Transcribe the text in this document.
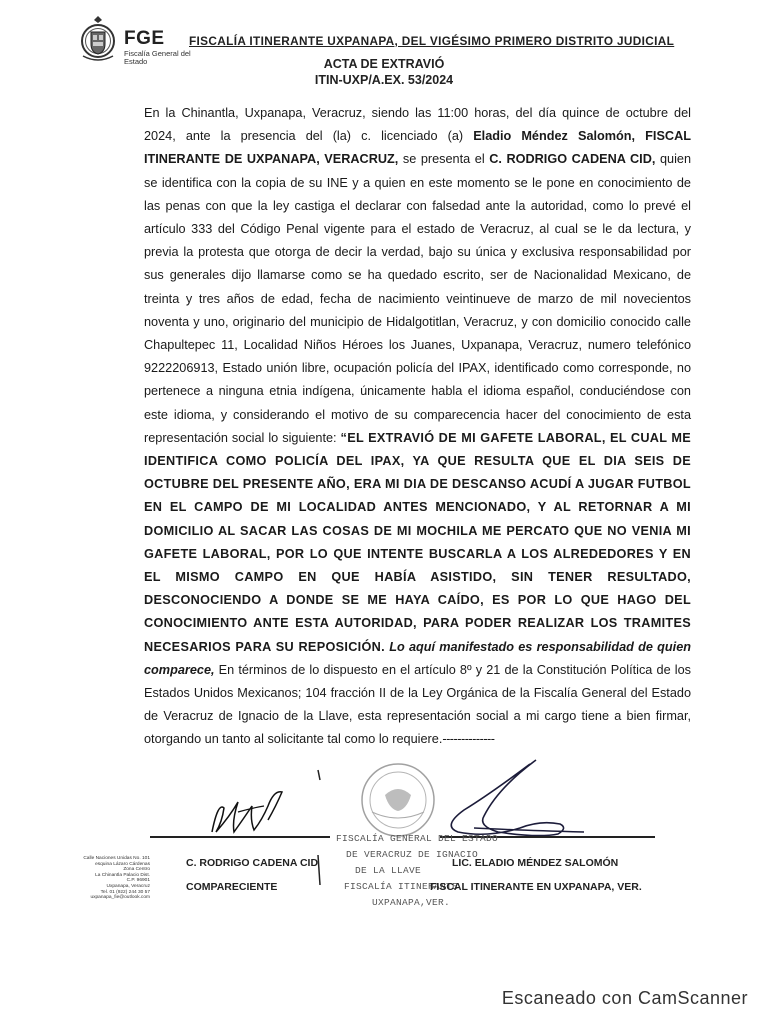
FGE
Fiscalía General del Estado
FISCALÍA ITINERANTE UXPANAPA, DEL VIGÉSIMO PRIMERO DISTRITO JUDICIAL
ACTA DE EXTRAVIÓ
ITIN-UXP/A.EX. 53/2024
En la Chinantla, Uxpanapa, Veracruz, siendo las 11:00 horas, del día quince de octubre del 2024, ante la presencia del (la) c. licenciado (a) Eladio Méndez Salomón, FISCAL ITINERANTE DE UXPANAPA, VERACRUZ, se presenta el C. RODRIGO CADENA CID, quien se identifica con la copia de su INE y a quien en este momento se le pone en conocimiento de las penas con que la ley castiga el declarar con falsedad ante la autoridad, como lo prevé el artículo 333 del Código Penal vigente para el estado de Veracruz, al cual se le da lectura, y previa la protesta que otorga de decir la verdad, bajo su única y exclusiva responsabilidad por sus generales dijo llamarse como se ha quedado escrito, ser de Nacionalidad Mexicano, de treinta y tres años de edad, fecha de nacimiento veintinueve de marzo de mil novecientos noventa y uno, originario del municipio de Hidalgotitlan, Veracruz, y con domicilio conocido calle Chapultepec 11, Localidad Niños Héroes los Juanes, Uxpanapa, Veracruz, numero telefónico 9222206913, Estado unión libre, ocupación policía del IPAX, identificado como corresponde, no pertenece a ninguna etnia indígena, únicamente habla el idioma español, conduciéndose con este idioma, y considerando el motivo de su comparecencia hacer del conocimiento de esta representación social lo siguiente: “EL EXTRAVIÓ DE MI GAFETE LABORAL, EL CUAL ME IDENTIFICA COMO POLICÍA DEL IPAX, YA QUE RESULTA QUE EL DIA SEIS DE OCTUBRE DEL PRESENTE AÑO, ERA MI DIA DE DESCANSO ACUDÍ A JUGAR FUTBOL EN EL CAMPO DE MI LOCALIDAD ANTES MENCIONADO, Y AL RETORNAR A MI DOMICILIO AL SACAR LAS COSAS DE MI MOCHILA ME PERCATO QUE NO VENIA MI GAFETE LABORAL, POR LO QUE INTENTE BUSCARLA A LOS ALREDEDORES Y EN EL MISMO CAMPO EN QUE HABÍA ASISTIDO, SIN TENER RESULTADO, DESCONOCIENDO A DONDE SE ME HAYA CAÍDO, ES POR LO QUE HAGO DEL CONOCIMIENTO ANTE ESTA AUTORIDAD, PARA PODER REALIZAR LOS TRAMITES NECESARIOS PARA SU REPOSICIÓN. Lo aquí manifestado es responsabilidad de quien comparece, En términos de lo dispuesto en el artículo 8º y 21 de la Constitución Política de los Estados Unidos Mexicanos; 104 fracción II de la Ley Orgánica de la Fiscalía General del Estado de Veracruz de Ignacio de la Llave, esta representación social a mi cargo tiene a bien firmar, otorgando un tanto al solicitante tal como lo requiere.--------------
FISCALÍA GENERAL DEL ESTADO
DE VERACRUZ DE IGNACIO
DE LA LLAVE
FISCALÍA ITINERANTE
UXPANAPA,VER.
C. RODRIGO CADENA CID
COMPARECIENTE
LIC. ELADIO MÉNDEZ SALOMÓN
FISCAL ITINERANTE EN UXPANAPA, VER.
Calle Naciones Unidas No. 101
esquina Lázaro Cárdenas
Zona Centro
La Chinantla Palacio Dist.
C.P. 96901
Uxpanapa, Veracruz
Tel. 01 (922) 244 30 57
uxpanapa_fie@outlook.com
Escaneado con CamScanner
